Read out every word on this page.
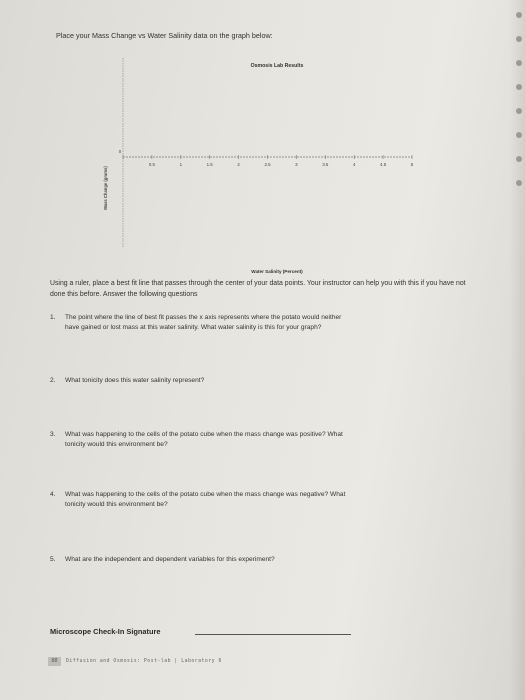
Place your Mass Change vs Water Salinity data on the graph below:
Osmosis Lab Results
0
0.5	1	1.5	2	2.5	3	3.5	4	4.5	5
Mass Change (grams)
Water Salinity (Percent)
Using a ruler, place a best fit line that passes through the center of your data points. Your instructor can help you with this if you have not done this before. Answer the following questions
1. The point where the line of best fit passes the x axis represents where the potato would neither
have gained or lost mass at this water salinity. What water salinity is this for your graph?
2. What tonicity does this water salinity represent?
3. What was happening to the cells of the potato cube when the mass change was positive? What
tonicity would this environment be?
4. What was happening to the cells of the potato cube when the mass change was negative? What
tonicity would this environment be?
5. What are the independent and dependent variables for this experiment?
Microscope Check-In Signature
88	Diffusion and Osmosis: Post-lab | Laboratory 6
